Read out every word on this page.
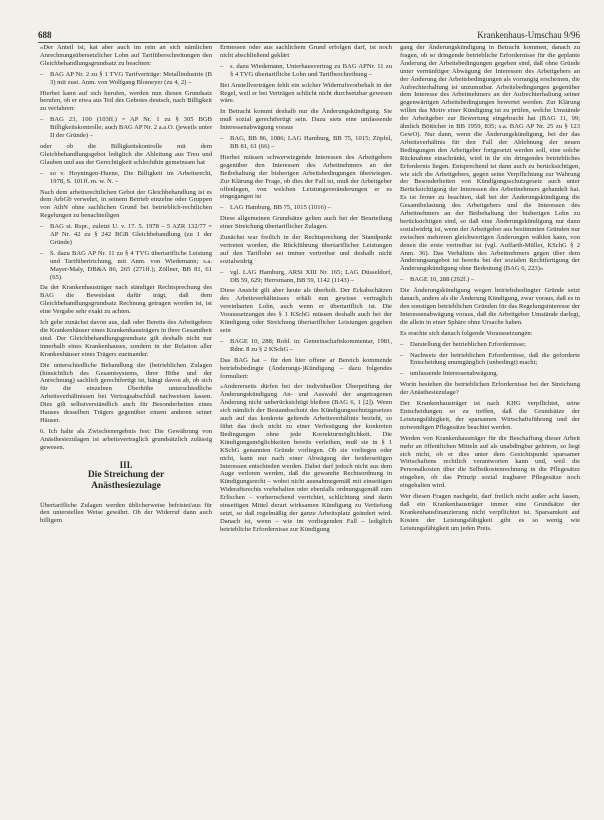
688	Krankenhaus-Umschau 9/96

»Der Anteil ist, kat aber auch im rein an sich nämlichen Anrechnungsübersetzlicher Lohn auf Tarifüberschreitungen den Gleichbehandlungsgrundsatz zu beachten:

– BAG AP Nr. 2 zu § 1 TVG Tarifverträge: Metallindustrie (B 3) mit zust. Anm. von Wolfgang Blomeyer (zu 4, 2) –

Hierbei kann auf sich berufen, werden nun diesen Grundsatz berufen, ob er etwa aus Teil des Gebotes deutsch, nach Billigkeit zu verfahren:

– BAG 23, 100 (103ff.) = AP Nr. 1 zu § 305 BGB Billigkeitskontrolle; auch BAG AP Nr. 2 a.a.O. (jeweils unter II der Gründe) –

oder ob die Billigkeitskontrolle mit dem Gleichbehandlungsgebot lediglich die Ableitung aus Treu und Glauben und aus der Gerechtigkeit schlechthin gemeinsam hat

– so v. Hoyningen-Huene, Die Billigkeit im Arbeitsrecht, 1978, S. 101ff. m. w. N. –

Nach dem arbeitsrechtlichen Gebot der Gleichbehandlung ist es dem ArbGb verwehrt, in seinem Betrieb einzelne oder Gruppen von AthN ohne sachlichen Grund bei betrieblich-rechtlichen Regelungen zu benachteiligen

– BAG st. Rspr., zuletzt U. v. 17. 5. 1978 – 5 AZR 132/77 = AP Nr. 42 zu § 242 BGB Gleichbehandlung (zu 1 der Gründe)

– S. dazu BAG AP Nr. 11 zu § 4 TVG übertarifliche Leistung und Tarifübertrichung, mit Anm. von Wiedemann; s.a. Mayer-Maly, DB&A 86, 265 (271ff.); Zöllner, BB 81, 61 (65).

Da der Krankenhausträger nach ständiger Rechtsprechung des BAG die Beweislast dafür trägt, daß dem Gleichbehandlungsgrundsatz Rechnung getragen worden ist, ist eine Vergabe sehr exakt zu achten.

Ich gehe zunächst davon aus, daß oder Bereits des Arbeitgebers die Krankenhäuser eines Krankenhausträgers in ihrer Gesamtheit sind. Der Gleichbehandlungsgrundsatz gilt deshalb nicht nur innerhalb eines Krankenhauses, sondern in der Relation aller Krankenhäuser eines Trägers zueinander.

Die unterschiedliche Behandlung der (betrieblichen Zulagen (hinsichtlich des Gesamtsystems, ihrer Höhe und der Anrechnung) sachlich gerechtfertigt ist, hängt davon ab, ob sich für die einzelnen Überhöhe unterschiedliche Arbeitsverhältnissen bei Vertragsabschluß nachweisen lassen. Dies gilt selbstverständlich auch für Besonderheiten eines Hauses desselben Trägers gegenüber einem anderen seiner Häuser.

6. Ich halte als Zwischenergebnis fest: Die Gewährung von Anästhesiezulagen ist arbeitsvertraglich grundsätzlich zulässig gewesen.

III.
Die Streichung der
Anästhesiezulage

Übertarifliche Zulagen werden üblicherweise befristet/aus für den unterstellen Weise gewährt. Ob der Widerruf dann auch billigem

Ermessen oder aus sachlichem Grund erfolgen darf, ist noch nicht abschließend geklärt

– s. dazu Wiedemann, Unterhausvertrag zu BAG APNr. 11 zu § 4 TVG übertarifliche Lohn und Tarifbeschreibung –

Bei Anstellverträgen fehlt ein solcher Widerrufsvorbehalt in der Regel, weil er bei Verträgen schlicht nicht durchsetzbar gewesen wäre.

In Betracht kommt deshalb nur die Änderungskündigung. Sie muß sozial gerechtfertigt sein. Dazu stets eine umfassende Interessenabwägung voraus

– BAG, BB 86, 1086; LAG Hamburg, BB 75, 1015; Zöpfel, BB 81, 61 (66) –

Hierbei müssen schwerwiegende Interessen des Arbeitgebers gegenüber den Interessen des Arbeitnehmers an der Beibehaltung der bisherigen Arbeitsbedingungen überwiegen. Zur Klärung der Frage, ob dies der Fall ist, muß der Arbeitgeber offenlegen, von welchen Leistungsveränderungen er es eingegangen ist

– LAG Hamburg, BB 75, 1015 (1016) –

Diese allgemeinen Grundsätze gelten auch bei der Beurteilung einer Streichung übertariflicher Zulagen.

Zunächst war freilich in der Rechtsprechung der Standpunkt vertreten worden, die Rückführung übertariflicher Leistungen auf den Tariflohn sei immer vertretbar und deshalb nicht sozialwidrig

– vgl. LAG Hamburg, ARSt XIII Nr. 165; LAG Düsseldorf, DB 59, 629; Herrsmann, BB 59, 1142 (1143) –

Diese Ansicht gilt aber heute als überholt. Der Eckabschätzen des Arbeitsverhältnisses erhält nun gewisse vertraglich vereinbarten Lohn, auch wenn er übertariflich ist. Die Voraussetzungen des § 1 KSchG müssen deshalb auch bei der Kündigung oder Streichung übertariflicher Leistungen gegeben sein

– BAGE 10, 288; Rohl. in: Gemeinschaftskommentar, 1981, Rdnr. 8 zu § 2 KSchG –

Das BAG hat – für den hier offene ar Bereich kommende betriebsbedingte (Änderungs-)Kündigung – dazu folgendes formuliert:

»Andererseits dürfen bei der individuellen Überprüfung der Änderungskündigung An- und Auswahl der angetragenen Änderung nicht unberücksichtigt bleiben (BAG 6, 1 [2]). Wenn sich nämlich der Bestandsschutz des Kündigungsschutzgesetzes auch auf das konkrete geltende Arbeitsverhältnis bezieht, so führt das doch nicht zu einer Verfestigung der konkreten Bedingungen ohne jede Korrekturmöglichkeit. Die Kündigungsmöglichkeiten bereits verleihen, muß sie in § 1 KSchG genannten Gründe vorliegen. Ob sie vorliegen oder nicht, kann nur nach einer Abwägung der beiderseitigen Interessen entschieden werden. Dabei darf jedoch nicht aus dem Auge verloren werden, daß die gewandte Rechtsordnung in Kündigungsrecht – wobei nicht ausnahmegemäß mit einseitigen Wideraftsrechts vorbehalten oder ebenfalls ordnungsgemäß zum Erlischen – vorherrschend verrichtet, schlichtung sind darin einseitigen Mittel derart wirksamen Kündigung zu Vertiefung setzt, so daß regelmäßig der ganze Arbeitsplatz geändert wird. Danach ist, wenn – wie im vorliegenden Fall – lediglich betriebliche Erfordernisse zur Kündigung

gang der Änderungskündigung in Betracht kommen, danach zu fragen, ob so dringende betriebliche Erfordernisse für die geplante Änderung der Arbeitsbedingungen gegeben sind, daß ohne Gründe unter vernünftiger Abwägung der Interessen des Arbeitgebers an der Änderung der Arbeitsbedingungen als vorrangig erscheinen, die Aufrechterhaltung ist unzumutbar. Arbeitsbedingungen gegenüber dem Interesse des Arbeitnehmers an der Aufrechterhaltung seiner gegenwärtigen Arbeitsbedingungen bewertet werden. Zur Klärung willen das Motiv einer Kündigung ist zu prüfen, welche Umstände der Arbeitgeber zur Bewertung eingebracht hat (BAG 11, 99; ähnlich Bötticher in BB 1959, 835; s.a. BAG AP Nr. 25 zu § 123 GewO). Nur dann, wenn die Änderungskündigung, bei der das Arbeitsverhältnis für den Fall der Ablehnung der neuen Bedingungen den Arbeitgeber fortgesetzt werden soll, eine solche Rücknahme einschränkt, wird in ihr ein dringendes betriebliches Erfordernis liegen. Entsprechend ist dann auch zu berücksichtigen, wie sich die Arbeitgebers, gegen seine Verpflichtung zur Wahrung der Besonderheiten von Kündigungsschutzgesetz auch unter Berücksichtigung der Interessen des Arbeitnehmers gehandelt hat. Es ist ferner zu beachten, daß bei der Änderungskündigung die Gesamtbelastung des Arbeitgebers und die Interessen des Arbeitnehmers an der Beibehaltung der bisherigen Lohn zu berücksichtigen sind, so daß eine Änderungskündigung nur dann sozialwidrig ist, wenn der Arbeitgeber aus bestimmten Gründen nur zwischen mehreren gleichwertigen Änderungen wählen kann, von denen die erste vertretbar ist (vgl. Auffarth-Müller, KSchG § 2 Anm. 36). Das Verhältnis des Arbeitnehmers gegen über dem Änderungsangebot ist bereits bei der sozialen Rechtfertigung der Änderungskündigung ohne Bedeutung (BAG 6, 223)«

– BAGE 10, 288 (292f.) –

Die Änderungskündigung wegen betriebsbedingter Gründe setzt danach, anders als die Änderung Kündigung, zwar voraus, daß es in den sonstigen betrieblichen Gründen für das Regelungsinteresse der Interessenabwägung voraus, daß die Arbeitgeber Umstände darlegt, die allein in einer Sphäre ohne Ursache haben.

Es erachte sich danach folgende Voraussetzungen:

– Darstellung der betrieblichen Erfordernisse;

– Nachweis der betrieblichen Erfordernisse, daß die geforderte Entscheidung unumgänglich (unbedingt) macht;

– umfassende Interessenabwägung.

Worin bestehen die betrieblichen Erfordernisse bei der Streichung der Anästhesiezulage?

Der Krankenhausträger ist nach KHG verpflichtet, seine Entscheidungen so zu treffen, daß die Grundsätze der Leistungsfähigkeit, der sparsamen Wirtschaftsführung und der notwendigen Pflegesätze beachtet werden.

Werden von Krankenhausträger für die Beschaffung dieser Arbeit mehr an öffentlichen Mitteln auf als unabdingbar gehören, so liegt sich nicht, ob er dies unter dem Gesichtspunkt sparsamer Wirtschaftens rechtlich verantworten kann und, weil die Personalkosten über die Selbstkostenrechnung in die Pflegesätze eingehen, ob das Prinzip sozial tragbarer Pflegesätze noch eingehalten wird.

Wer diesen Fragen nachgeht, darf freilich nicht außer acht lassen, daß ein Krankenhausträger immer eine Grundsätze der Krankenhausfinanzierung nicht verpflichtet ist. Sparsamkeit auf Kosten der Leistungsfähigkeit gibt es so wenig wie Leistungsfähigkeit um jeden Preis.
